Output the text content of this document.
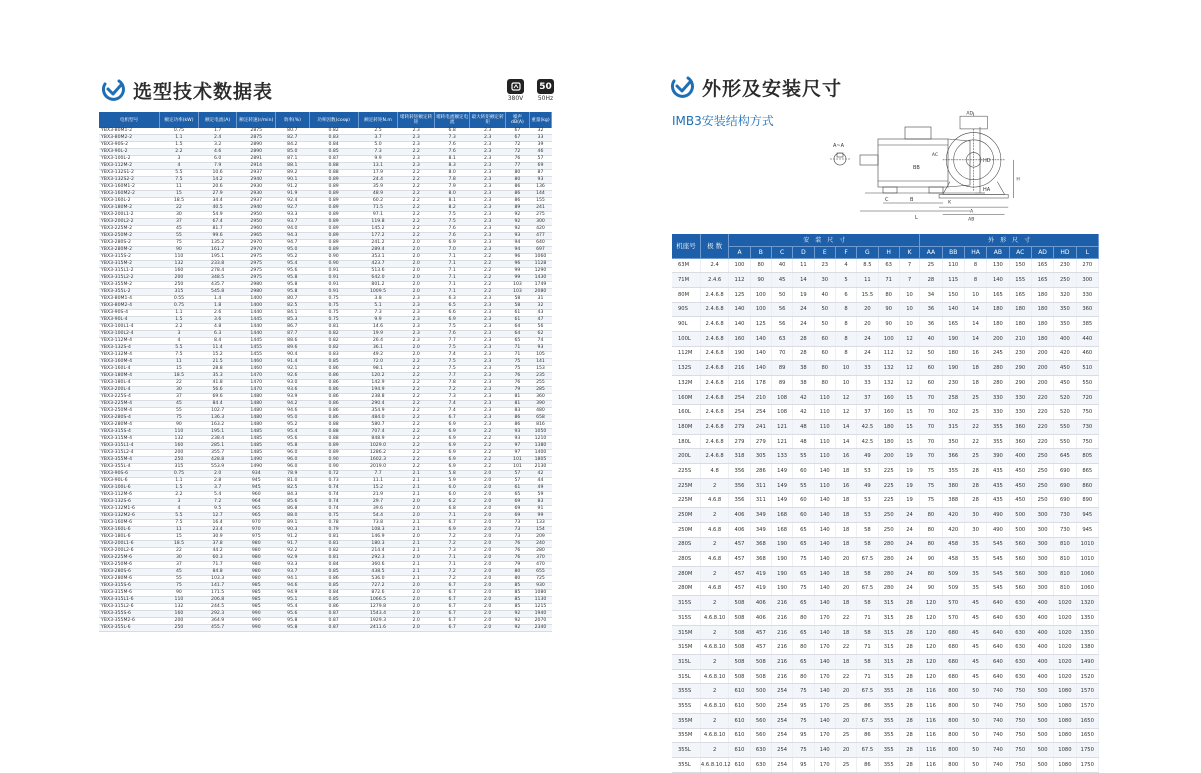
选型技术数据表	380V
50
50Hz
电机型号	额定功率(kW)	额定电流(A)	额定转速(r/min)	效率(%)	功率因数(cosφ)	额定转矩N.m	堵转转矩额定转矩	堵转电流额定电流	最大转矩额定转矩	噪声dB(A)	重量(kg)
YBX3-80M1-2	0.75	1.7	2875	80.7	0.82	2.5	2.3	6.8	2.3	67	32
YBX3-80M2-2	1.1	2.4	2875	82.7	0.83	3.7	2.3	7.3	2.3	67	33
YBX3-90S-2	1.5	3.2	2890	84.2	0.84	5.0	2.3	7.6	2.3	72	39
YBX3-90L-2	2.2	4.6	2890	85.0	0.85	7.3	2.2	7.6	2.3	72	46
YBX3-100L-2	3	6.0	2891	87.1	0.87	9.9	2.3	8.1	2.3	76	57
YBX3-112M-2	4	7.9	2914	88.1	0.88	13.1	2.3	8.3	2.3	77	69
YBX3-132S1-2	5.5	10.6	2937	89.2	0.88	17.9	2.2	8.0	2.3	80	87
YBX3-132S2-2	7.5	14.2	2940	90.1	0.89	24.4	2.2	7.8	2.3	80	93
YBX3-160M1-2	11	20.6	2930	91.2	0.89	35.9	2.2	7.9	2.3	86	136
YBX3-160M2-2	15	27.9	2930	91.9	0.89	48.9	2.2	8.0	2.3	86	144
YBX3-160L-2	18.5	34.4	2937	92.4	0.89	60.2	2.2	8.1	2.3	86	155
YBX3-180M-2	22	40.5	2940	92.7	0.89	71.5	2.2	8.2	2.3	89	241
YBX3-200L1-2	30	54.9	2950	93.3	0.89	97.1	2.2	7.5	2.3	92	275
YBX3-200L2-2	37	67.4	2950	93.7	0.89	119.8	2.2	7.5	2.3	92	300
YBX3-225M-2	45	81.7	2960	94.0	0.89	145.2	2.2	7.6	2.3	92	420
YBX3-250M-2	55	99.6	2965	94.3	0.89	177.2	2.2	7.6	2.3	93	477
YBX3-280S-2	75	135.2	2970	94.7	0.89	241.2	2.0	6.9	2.3	94	640
YBX3-280M-2	90	161.7	2970	95.0	0.89	289.4	2.0	7.0	2.3	94	697
YBX3-315S-2	110	195.1	2975	95.2	0.90	353.1	2.0	7.1	2.2	96	1060
YBX3-315M-2	132	233.8	2975	95.4	0.90	423.7	2.0	7.1	2.2	96	1128
YBX3-315L1-2	160	278.4	2975	95.6	0.91	513.6	2.0	7.1	2.2	99	1290
YBX3-315L2-2	200	348.5	2975	95.8	0.91	642.0	2.0	7.1	2.2	99	1430
YBX3-355M-2	250	435.7	2980	95.8	0.91	801.2	2.0	7.1	2.2	103	1749
YBX3-355L-2	315	545.8	2980	95.8	0.91	1009.5	2.0	7.1	2.2	103	2080
YBX3-80M1-4	0.55	1.4	1400	80.7	0.75	3.8	2.3	6.3	2.3	58	31
YBX3-80M2-4	0.75	1.8	1400	82.5	0.75	5.1	2.3	6.5	2.3	58	32
YBX3-90S-4	1.1	2.6	1440	84.1	0.75	7.3	2.3	6.6	2.3	61	43
YBX3-90L-4	1.5	3.6	1445	85.3	0.75	9.9	2.3	6.9	2.3	61	47
YBX3-100L1-4	2.2	4.8	1440	86.7	0.81	14.6	2.3	7.5	2.3	64	56
YBX3-100L2-4	3	6.3	1440	87.7	0.82	19.9	2.3	7.6	2.3	64	62
YBX3-112M-4	4	8.4	1445	88.6	0.82	26.4	2.3	7.7	2.3	65	74
YBX3-132S-4	5.5	11.4	1455	89.6	0.82	36.1	2.0	7.5	2.3	71	93
YBX3-132M-4	7.5	15.2	1455	90.4	0.83	49.2	2.0	7.4	2.3	71	105
YBX3-160M-4	11	21.5	1460	91.4	0.85	72.0	2.2	7.5	2.3	75	141
YBX3-160L-4	15	28.8	1460	92.1	0.86	98.1	2.2	7.5	2.3	75	153
YBX3-180M-4	18.5	35.3	1470	92.6	0.86	120.2	2.2	7.7	2.3	76	235
YBX3-180L-4	22	41.8	1470	93.0	0.86	142.9	2.2	7.8	2.3	76	255
YBX3-200L-4	30	56.6	1470	93.6	0.86	194.9	2.2	7.2	2.3	79	285
YBX3-225S-4	37	69.6	1480	93.9	0.86	238.8	2.2	7.3	2.3	81	360
YBX3-225M-4	45	84.4	1480	94.2	0.86	290.4	2.2	7.4	2.3	81	390
YBX3-250M-4	55	102.7	1480	94.6	0.86	354.9	2.2	7.4	2.3	83	480
YBX3-280S-4	75	136.3	1480	95.0	0.86	484.0	2.2	6.7	2.3	86	658
YBX3-280M-4	90	163.2	1480	95.2	0.88	580.7	2.2	6.9	2.3	86	816
YBX3-315S-4	110	195.1	1485	95.4	0.88	707.4	2.2	6.9	2.2	93	1050
YBX3-315M-4	132	238.4	1485	95.6	0.88	848.9	2.2	6.9	2.2	93	1210
YBX3-315L1-4	160	285.1	1485	95.8	0.89	1029.0	2.2	6.9	2.2	97	1380
YBX3-315L2-4	200	355.7	1485	96.0	0.89	1286.2	2.2	6.9	2.2	97	1400
YBX3-355M-4	250	428.8	1490	96.0	0.90	1602.3	2.2	6.9	2.2	101	1805
YBX3-355L-4	315	553.9	1490	96.0	0.90	2019.0	2.2	6.9	2.2	101	2130
YBX3-90S-6	0.75	2.0	934	78.9	0.72	7.7	2.1	5.8	2.0	57	42
YBX3-90L-6	1.1	2.8	945	81.0	0.73	11.1	2.1	5.9	2.0	57	44
YBX3-100L-6	1.5	3.7	945	82.5	0.74	15.2	2.1	6.0	2.0	61	49
YBX3-112M-6	2.2	5.4	960	84.3	0.74	21.9	2.1	6.0	2.0	65	59
YBX3-132S-6	3	7.2	964	85.6	0.74	29.7	2.0	6.2	2.0	69	83
YBX3-132M1-6	4	9.5	965	86.8	0.74	39.6	2.0	6.8	2.0	69	91
YBX3-132M2-6	5.5	12.7	965	88.0	0.75	54.4	2.0	7.1	2.0	69	99
YBX3-160M-6	7.5	16.4	970	89.1	0.78	73.8	2.1	6.7	2.0	73	133
YBX3-160L-6	11	23.4	970	90.3	0.79	108.3	2.1	6.9	2.0	73	154
YBX3-180L-6	15	30.9	975	91.2	0.81	146.9	2.0	7.2	2.0	73	209
YBX3-200L1-6	18.5	37.8	980	91.7	0.81	180.3	2.1	7.2	2.0	76	240
YBX3-200L2-6	22	44.2	980	92.2	0.82	214.4	2.1	7.3	2.0	76	280
YBX3-225M-6	30	60.3	980	92.9	0.81	292.3	2.0	7.1	2.0	76	370
YBX3-250M-6	37	71.7	980	93.3	0.84	360.6	2.1	7.1	2.0	79	470
YBX3-280S-6	45	84.8	980	93.7	0.85	438.5	2.1	7.2	2.0	80	655
YBX3-280M-6	55	103.3	980	94.1	0.86	536.0	2.1	7.2	2.0	80	725
YBX3-315S-6	75	141.7	985	94.6	0.85	727.2	2.0	6.7	2.0	85	930
YBX3-315M-6	90	171.5	985	94.9	0.84	872.6	2.0	6.7	2.0	85	1080
YBX3-315L1-6	110	206.8	985	95.1	0.85	1066.5	2.0	6.7	2.0	85	1130
YBX3-315L2-6	132	244.5	985	95.4	0.86	1279.8	2.0	6.7	2.0	85	1215
YBX3-355S-6	160	292.3	990	95.6	0.87	1543.4	2.0	6.7	2.0	92	1940
YBX3-355M2-6	200	364.9	990	95.8	0.87	1929.3	2.0	6.7	2.0	92	2070
YBX3-355L-6	250	455.7	990	95.8	0.87	2411.6	2.0	6.7	2.0	92	2340
外形及安装尺寸
IMB3安装结构方式
A~A
BB
HD
HA
C	B
L
AD
A
AB
AC
H
K
机座号	极 数	安　装　尺　寸									外　形　尺　寸							
		A	B	C	D	E	F	G	H	K	AA	BB	HA	AB	AC	AD	HD	L
63M	2.4	100	80	40	11	23	4	8.5	63	7	25	110	8	130	150	165	230	270
71M	2.4.6	112	90	45	14	30	5	11	71	7	28	115	8	140	155	165	250	300
80M	2.4.6.8	125	100	50	19	40	6	15.5	80	10	34	150	10	165	165	180	320	330
90S	2.4.6.8	140	100	56	24	50	8	20	90	10	36	140	14	180	180	180	350	360
90L	2.4.6.8	140	125	56	24	50	8	20	90	10	36	165	14	180	180	180	350	385
100L	2.4.6.8	160	140	63	28	60	8	24	100	12	40	190	14	200	210	180	400	440
112M	2.4.6.8	190	140	70	28	60	8	24	112	12	50	180	16	245	230	200	420	460
132S	2.4.6.8	216	140	89	38	80	10	33	132	12	60	190	18	280	290	200	450	510
132M	2.4.6.8	216	178	89	38	80	10	33	132	12	60	230	18	280	290	200	450	550
160M	2.4.6.8	254	210	108	42	110	12	37	160	15	70	258	25	330	330	220	520	720
160L	2.4.6.8	254	254	108	42	110	12	37	160	15	70	302	25	330	330	220	520	750
180M	2.4.6.8	279	241	121	48	110	14	42.5	180	15	70	315	22	355	360	220	550	730
180L	2.4.6.8	279	279	121	48	110	14	42.5	180	15	70	350	22	355	360	220	550	750
200L	2.4.6.8	318	305	133	55	110	16	49	200	19	70	366	25	390	400	250	645	805
225S	4.8	356	286	149	60	140	18	53	225	19	75	355	28	435	450	250	690	865
225M	2	356	311	149	55	110	16	49	225	19	75	380	28	435	450	250	690	860
225M	4.6.8	356	311	149	60	140	18	53	225	19	75	388	28	435	450	250	690	890
250M	2	406	349	168	60	140	18	53	250	24	80	420	30	490	500	300	730	945
250M	4.6.8	406	349	168	65	140	18	58	250	24	80	420	30	490	500	300	730	945
280S	2	457	368	190	65	140	18	58	280	24	80	458	35	545	560	300	810	1010
280S	4.6.8	457	368	190	75	140	20	67.5	280	24	90	458	35	545	560	300	810	1010
280M	2	457	419	190	65	140	18	58	280	24	80	509	35	545	560	300	810	1060
280M	4.6.8	457	419	190	75	140	20	67.5	280	24	90	509	35	545	560	300	810	1060
315S	2	508	406	216	65	140	18	58	315	28	120	570	45	640	630	400	1020	1320
315S	4.6.8.10	508	406	216	80	170	22	71	315	28	120	570	45	640	630	400	1020	1350
315M	2	508	457	216	65	140	18	58	315	28	120	680	45	640	630	400	1020	1350
315M	4.6.8.10	508	457	216	80	170	22	71	315	28	120	680	45	640	630	400	1020	1380
315L	2	508	508	216	65	140	18	58	315	28	120	680	45	640	630	400	1020	1490
315L	4.6.8.10	508	508	216	80	170	22	71	315	28	120	680	45	640	630	400	1020	1520
355S	2	610	500	254	75	140	20	67.5	355	28	116	800	50	740	750	500	1080	1570
355S	4.6.8.10	610	500	254	95	170	25	86	355	28	116	800	50	740	750	500	1080	1570
355M	2	610	560	254	75	140	20	67.5	355	28	116	800	50	740	750	500	1080	1650
355M	4.6.8.10	610	560	254	95	170	25	86	355	28	116	800	50	740	750	500	1080	1650
355L	2	610	630	254	75	140	20	67.5	355	28	116	800	50	740	750	500	1080	1750
355L	4.6.8.10.12	610	630	254	95	170	25	86	355	28	116	800	50	740	750	500	1080	1750
